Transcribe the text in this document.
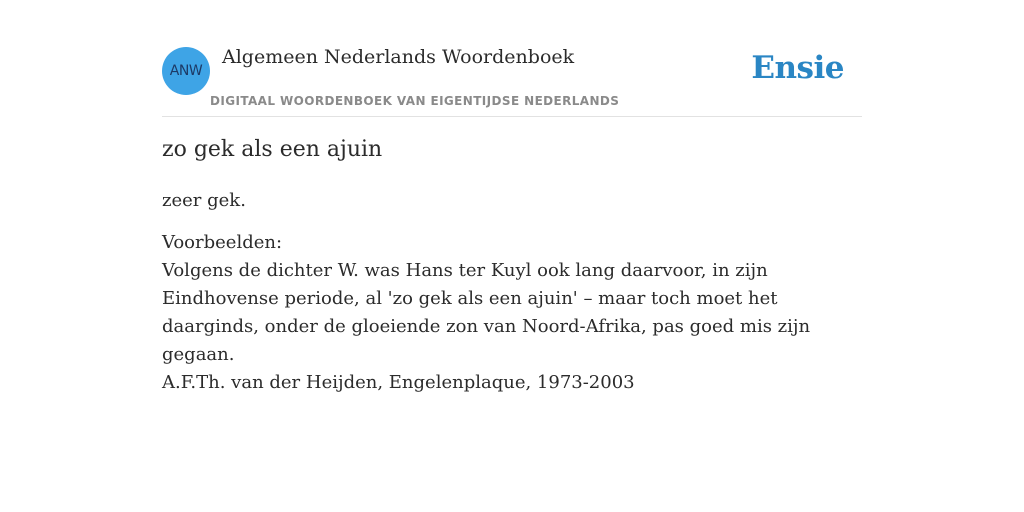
ANW
Algemeen Nederlands Woordenboek
DIGITAAL WOORDENBOEK VAN EIGENTIJDSE NEDERLANDS
Ensie
zo gek als een ajuin

zeer gek.

Voorbeelden:
Volgens de dichter W. was Hans ter Kuyl ook lang daarvoor, in zijn Eindhovense periode, al 'zo gek als een ajuin' – maar toch moet het daarginds, onder de gloeiende zon van Noord-Afrika, pas goed mis zijn gegaan.
A.F.Th. van der Heijden, Engelenplaque, 1973-2003
